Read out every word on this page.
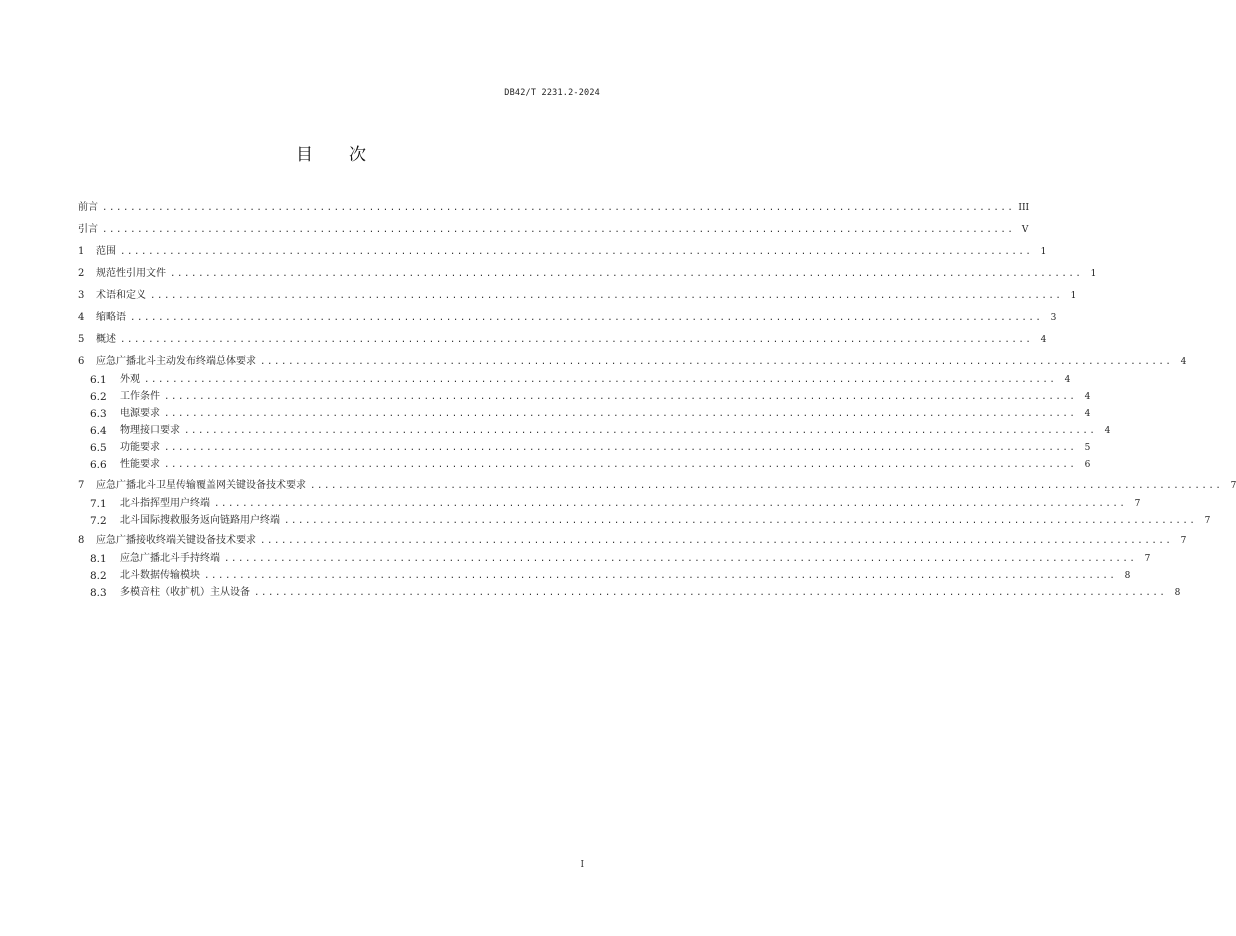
DB42/T 2231.2-2024
目 次
前言 .................................................................................................................................. III
引言 .................................................................................................................................. V
1	范围 .................................................................................................................................. 1
2	规范性引用文件 .................................................................................................................................. 1
3	术语和定义 .................................................................................................................................. 1
4	缩略语 .................................................................................................................................. 3
5	概述 .................................................................................................................................. 4
6	应急广播北斗主动发布终端总体要求 .................................................................................................................................. 4
6.1	外观 .................................................................................................................................. 4
6.2	工作条件 .................................................................................................................................. 4
6.3	电源要求 .................................................................................................................................. 4
6.4	物理接口要求 .................................................................................................................................. 4
6.5	功能要求 .................................................................................................................................. 5
6.6	性能要求 .................................................................................................................................. 6
7	应急广播北斗卫星传输覆盖网关键设备技术要求 .................................................................................................................................. 7
7.1	北斗指挥型用户终端 .................................................................................................................................. 7
7.2	北斗国际搜救服务返向链路用户终端 .................................................................................................................................. 7
8	应急广播接收终端关键设备技术要求 .................................................................................................................................. 7
8.1	应急广播北斗手持终端 .................................................................................................................................. 7
8.2	北斗数据传输模块 .................................................................................................................................. 8
8.3	多模音柱（收扩机）主从设备 .................................................................................................................................. 8
I
